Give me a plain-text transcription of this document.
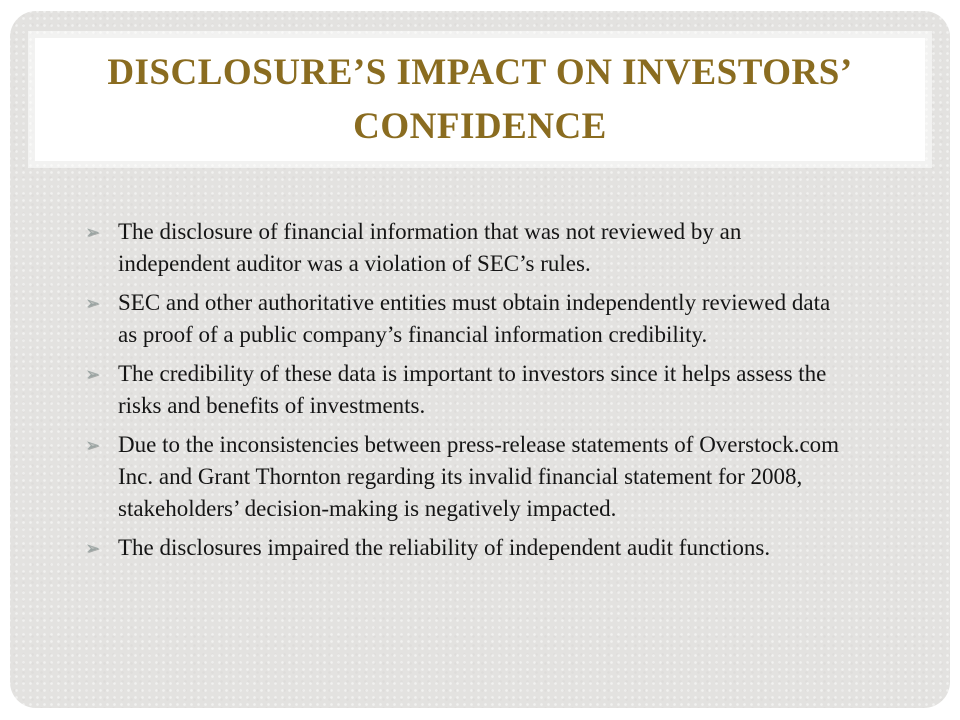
DISCLOSURE’S IMPACT ON INVESTORS’ CONFIDENCE
➢ The disclosure of financial information that was not reviewed by an independent auditor was a violation of SEC’s rules.
➢ SEC and other authoritative entities must obtain independently reviewed data as proof of a public company’s financial information credibility.
➢ The credibility of these data is important to investors since it helps assess the risks and benefits of investments.
➢ Due to the inconsistencies between press-release statements of Overstock.com Inc. and Grant Thornton regarding its invalid financial statement for 2008, stakeholders’ decision-making is negatively impacted.
➢ The disclosures impaired the reliability of independent audit functions.
